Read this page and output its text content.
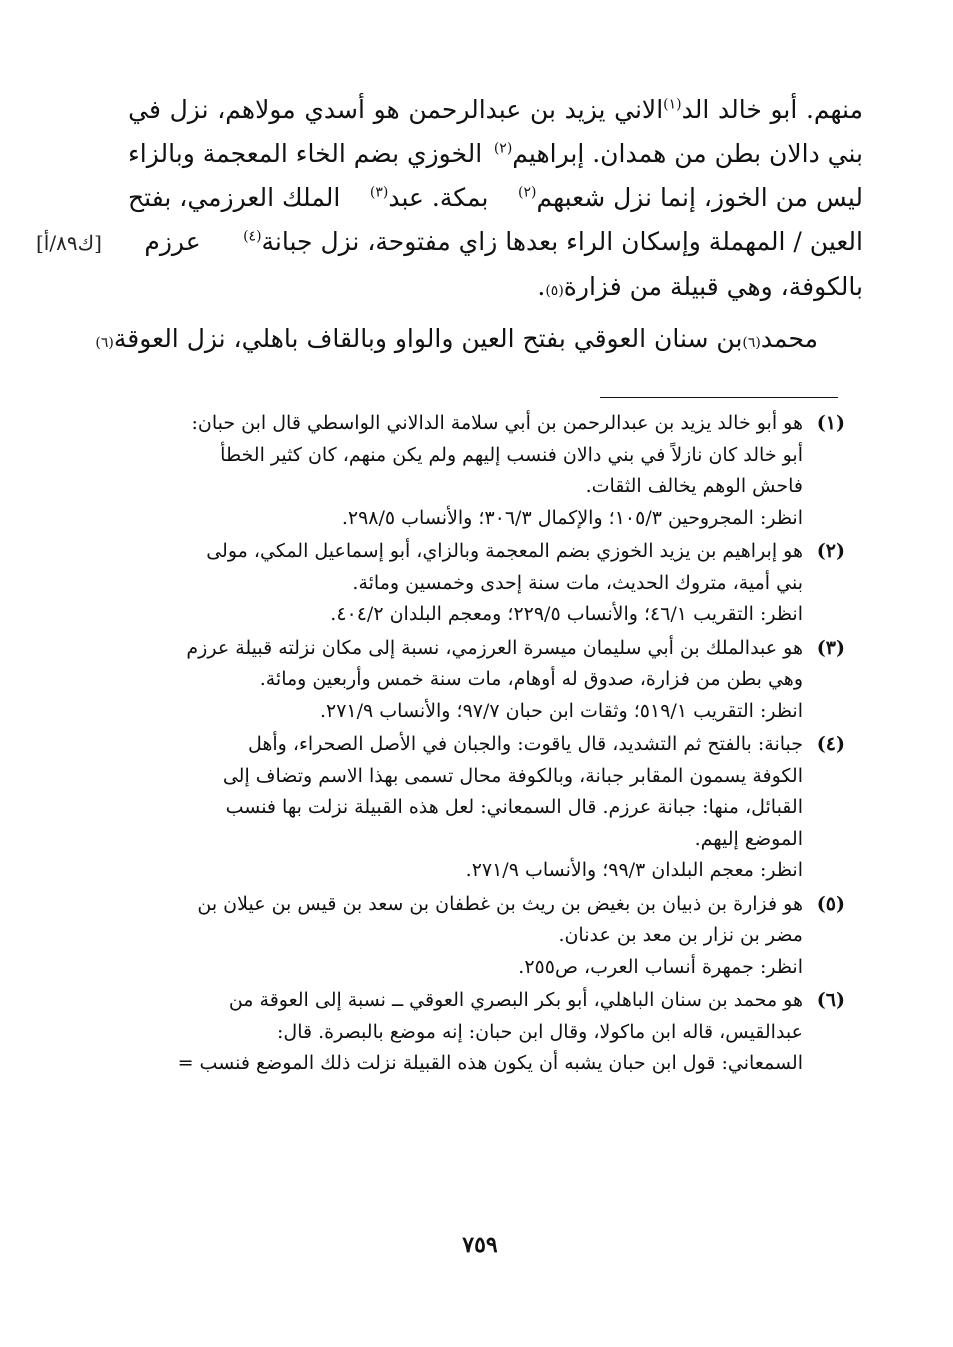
منهم.
أبو
خالد
الد$^{(١)}$الاني
يزيد
بن
عبدالرحمن
هو
أسدي
مولاهم،
نزل
في
بني دالان بطن من همدان. إبراهيم$^{(٢)}$
الخوزي بضم الخاء المعجمة وبالزاء
ليس من الخوز، إنما نزل شعبهم$^{(٢)}$
بمكة. عبد$^{(٣)}$
الملك العرزمي، بفتح
العين / المهملة وإسكان الراء بعدها زاي مفتوحة، نزل جبانة$^{(٤)}$
عرزم
[ك٨٩/أ]
بالكوفة، وهي قبيلة من فزارة
(٥)
.
محمد
(٦)
بن سنان العوقي بفتح العين والواو وبالقاف باهلي، نزل العوقة
(٦)
(١)
هو أبو خالد يزيد بن عبدالرحمن بن أبي سلامة الدالاني الواسطي قال ابن حبان:
أبو خالد كان نازلاً في بني دالان فنسب إليهم ولم يكن منهم، كان كثير الخطأ
فاحش الوهم يخالف الثقات.
انظر: المجروحين ١٠٥/٣؛ والإكمال ٣٠٦/٣؛ والأنساب ٢٩٨/٥.
(٢)
هو إبراهيم بن يزيد الخوزي بضم المعجمة وبالزاي، أبو إسماعيل المكي، مولى
بني أمية، متروك الحديث، مات سنة إحدى وخمسين ومائة.
انظر: التقريب ٤٦/١؛ والأنساب ٢٢٩/٥؛ ومعجم البلدان ٤٠٤/٢.
(٣)
هو عبدالملك بن أبي سليمان ميسرة العرزمي، نسبة إلى مكان نزلته قبيلة عرزم
وهي بطن من فزارة، صدوق له أوهام، مات سنة خمس وأربعين ومائة.
انظر: التقريب ٥١٩/١؛ وثقات ابن حبان ٩٧/٧؛ والأنساب ٢٧١/٩.
(٤)
جبانة: بالفتح ثم التشديد، قال ياقوت: والجبان في الأصل الصحراء، وأهل
الكوفة يسمون المقابر جبانة، وبالكوفة محال تسمى بهذا الاسم وتضاف إلى
القبائل، منها: جبانة عرزم. قال السمعاني: لعل هذه القبيلة نزلت بها فنسب
الموضع إليهم.
انظر: معجم البلدان ٩٩/٣؛ والأنساب ٢٧١/٩.
(٥)
هو فزارة بن ذبيان بن بغيض بن ريث بن غطفان بن سعد بن قيس بن عيلان بن
مضر بن نزار بن معد بن عدنان.
انظر: جمهرة أنساب العرب، ص٢٥٥.
(٦)
هو محمد بن سنان الباهلي، أبو بكر البصري العوقي ــ نسبة إلى العوقة من
عبدالقيس، قاله ابن ماكولا، وقال ابن حبان: إنه موضع بالبصرة. قال:
السمعاني: قول ابن حبان يشبه أن يكون هذه القبيلة نزلت ذلك الموضع فنسب =
٧٥٩
